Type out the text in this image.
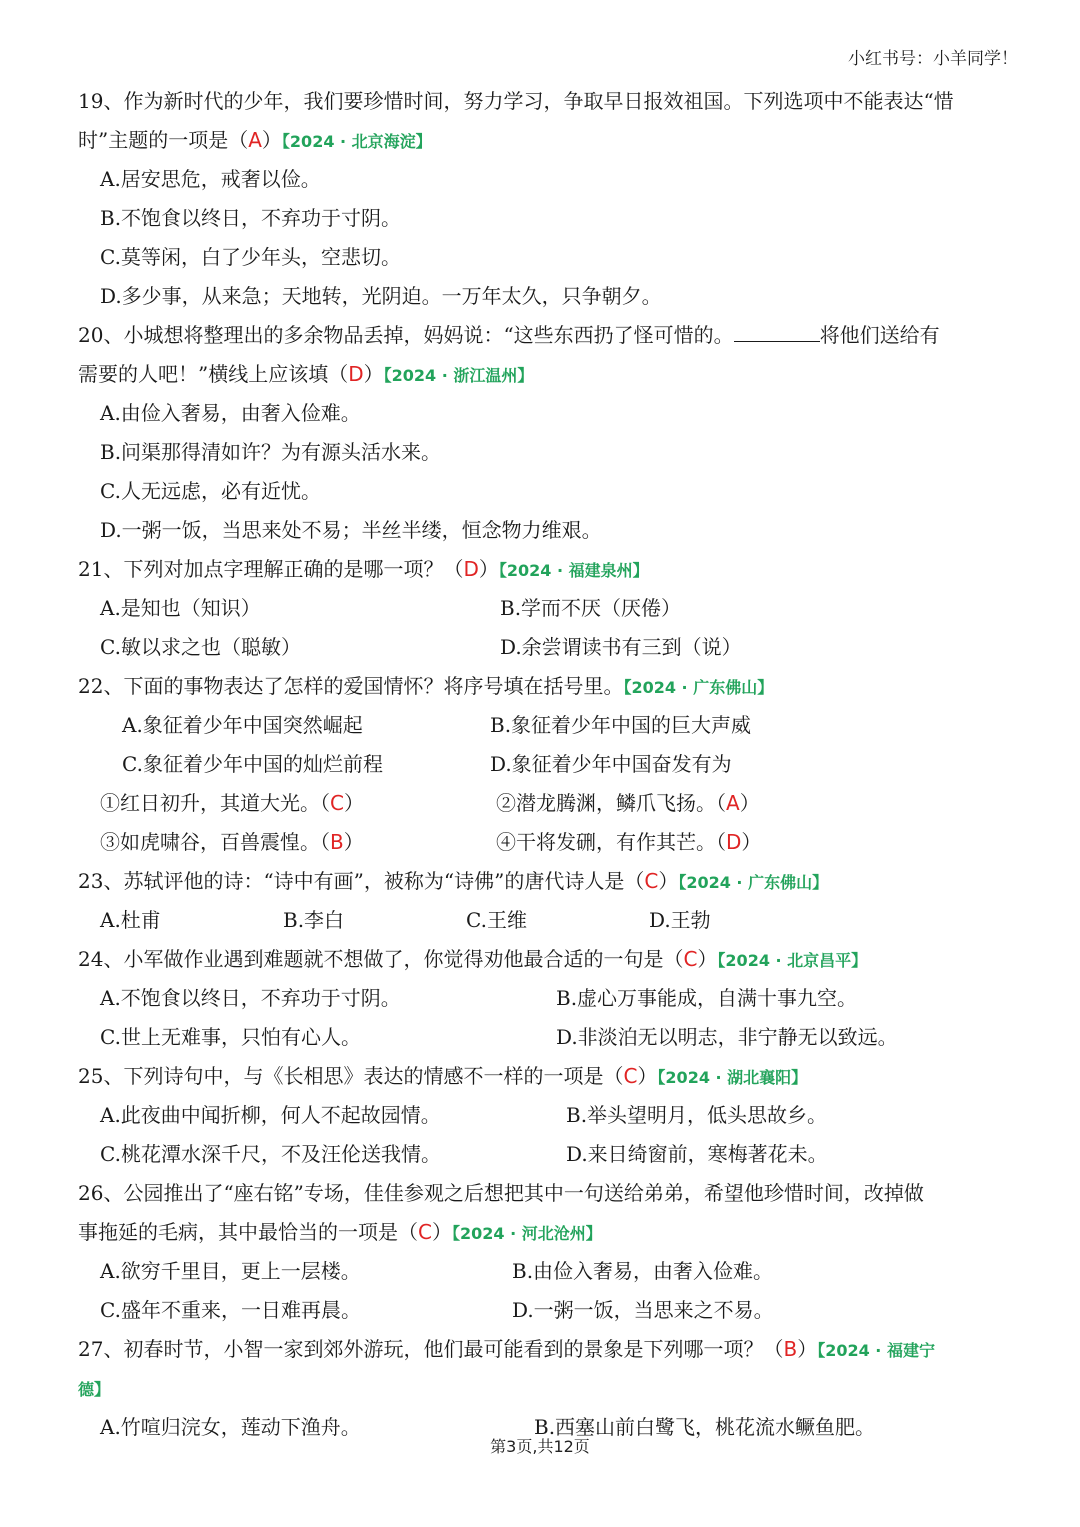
小红书号：小羊同学！
19、作为新时代的少年，我们要珍惜时间，努力学习，争取早日报效祖国。下列选项中不能表达“惜
时”主题的一项是（A）【2024 · 北京海淀】
A.居安思危，戒奢以俭。
B.不饱食以终日，不弃功于寸阴。
C.莫等闲，白了少年头，空悲切。
D.多少事，从来急；天地转，光阴迫。一万年太久，只争朝夕。
20、小城想将整理出的多余物品丢掉，妈妈说：“这些东西扔了怪可惜的。	将他们送给有
需要的人吧！”横线上应该填（D）【2024 · 浙江温州】
A.由俭入奢易，由奢入俭难。
B.问渠那得清如许？为有源头活水来。
C.人无远虑，必有近忧。
D.一粥一饭，当思来处不易；半丝半缕，恒念物力维艰。
21、下列对加点字理解正确的是哪一项？（D）【2024 · 福建泉州】
A.是知也（知识）	B.学而不厌（厌倦）
C.敏以求之也（聪敏）	D.余尝谓读书有三到（说）
22、下面的事物表达了怎样的爱国情怀？将序号填在括号里。【2024 · 广东佛山】
A.象征着少年中国突然崛起	B.象征着少年中国的巨大声威
C.象征着少年中国的灿烂前程	D.象征着少年中国奋发有为
①红日初升，其道大光。（C）	②潜龙腾渊，鳞爪飞扬。（A）
③如虎啸谷，百兽震惶。（B）	④干将发硎，有作其芒。（D）
23、苏轼评他的诗：“诗中有画”，被称为“诗佛”的唐代诗人是（C）【2024 · 广东佛山】
A.杜甫	B.李白	C.王维	D.王勃
24、小军做作业遇到难题就不想做了，你觉得劝他最合适的一句是（C）【2024 · 北京昌平】
A.不饱食以终日，不弃功于寸阴。	B.虚心万事能成，自满十事九空。
C.世上无难事，只怕有心人。	D.非淡泊无以明志，非宁静无以致远。
25、下列诗句中，与《长相思》表达的情感不一样的一项是（C）【2024 · 湖北襄阳】
A.此夜曲中闻折柳，何人不起故园情。	B.举头望明月，低头思故乡。
C.桃花潭水深千尺，不及汪伦送我情。	D.来日绮窗前，寒梅著花未。
26、公园推出了“座右铭”专场，佳佳参观之后想把其中一句送给弟弟，希望他珍惜时间，改掉做
事拖延的毛病，其中最恰当的一项是（C）【2024 · 河北沧州】
A.欲穷千里目，更上一层楼。	B.由俭入奢易，由奢入俭难。
C.盛年不重来，一日难再晨。	D.一粥一饭，当思来之不易。
27、初春时节，小智一家到郊外游玩，他们最可能看到的景象是下列哪一项？（B）【2024 · 福建宁
德】
A.竹喧归浣女，莲动下渔舟。	B.西塞山前白鹭飞，桃花流水鳜鱼肥。
第3页,共12页
